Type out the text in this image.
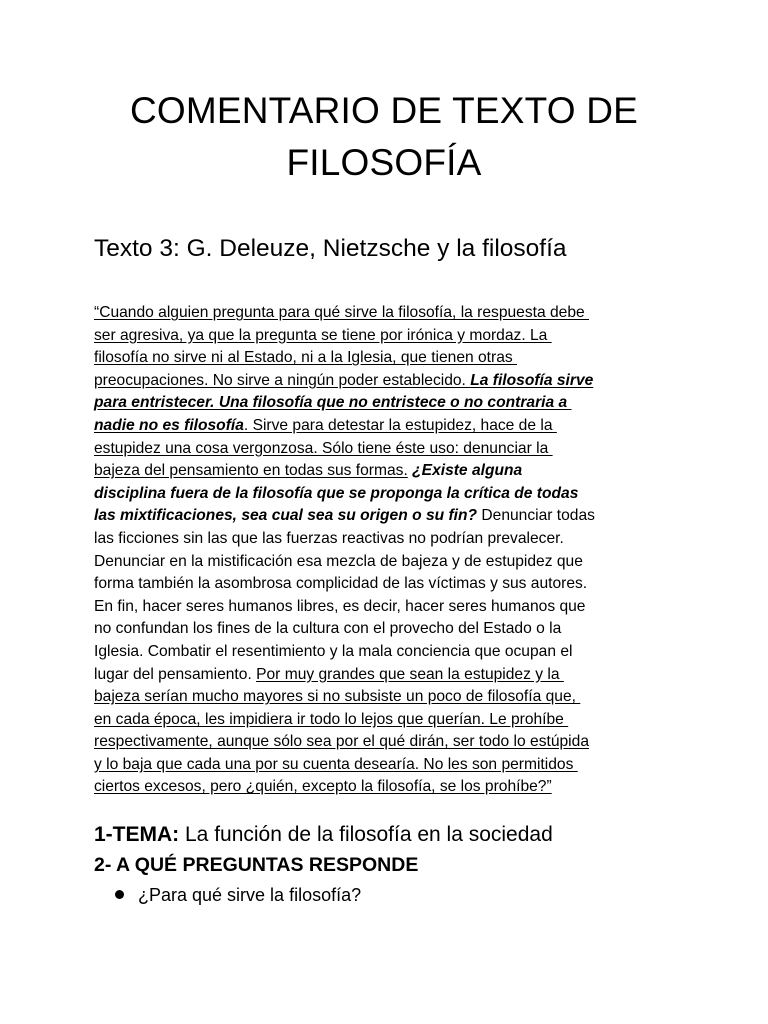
COMENTARIO DE TEXTO DE
FILOSOFÍA
Texto 3: G. Deleuze, Nietzsche y la filosofía
“Cuando alguien pregunta para qué sirve la filosofía, la respuesta debe
ser agresiva, ya que la pregunta se tiene por irónica y mordaz. La
filosofía no sirve ni al Estado, ni a la Iglesia, que tienen otras
preocupaciones. No sirve a ningún poder establecido. La filosofía sirve
para entristecer. Una filosofía que no entristece o no contraria a
nadie no es filosofía. Sirve para detestar la estupidez, hace de la
estupidez una cosa vergonzosa. Sólo tiene éste uso: denunciar la
bajeza del pensamiento en todas sus formas. ¿Existe alguna
disciplina fuera de la filosofía que se proponga la crítica de todas
las mixtificaciones, sea cual sea su origen o su fin? Denunciar todas
las ficciones sin las que las fuerzas reactivas no podrían prevalecer.
Denunciar en la mistificación esa mezcla de bajeza y de estupidez que
forma también la asombrosa complicidad de las víctimas y sus autores.
En fin, hacer seres humanos libres, es decir, hacer seres humanos que
no confundan los fines de la cultura con el provecho del Estado o la
Iglesia. Combatir el resentimiento y la mala conciencia que ocupan el
lugar del pensamiento. Por muy grandes que sean la estupidez y la
bajeza serían mucho mayores si no subsiste un poco de filosofía que,
en cada época, les impidiera ir todo lo lejos que querían. Le prohíbe
respectivamente, aunque sólo sea por el qué dirán, ser todo lo estúpida
y lo baja que cada una por su cuenta desearía. No les son permitidos
ciertos excesos, pero ¿quién, excepto la filosofía, se los prohíbe?”
1-TEMA: La función de la filosofía en la sociedad
2- A QUÉ PREGUNTAS RESPONDE
¿Para qué sirve la filosofía?
